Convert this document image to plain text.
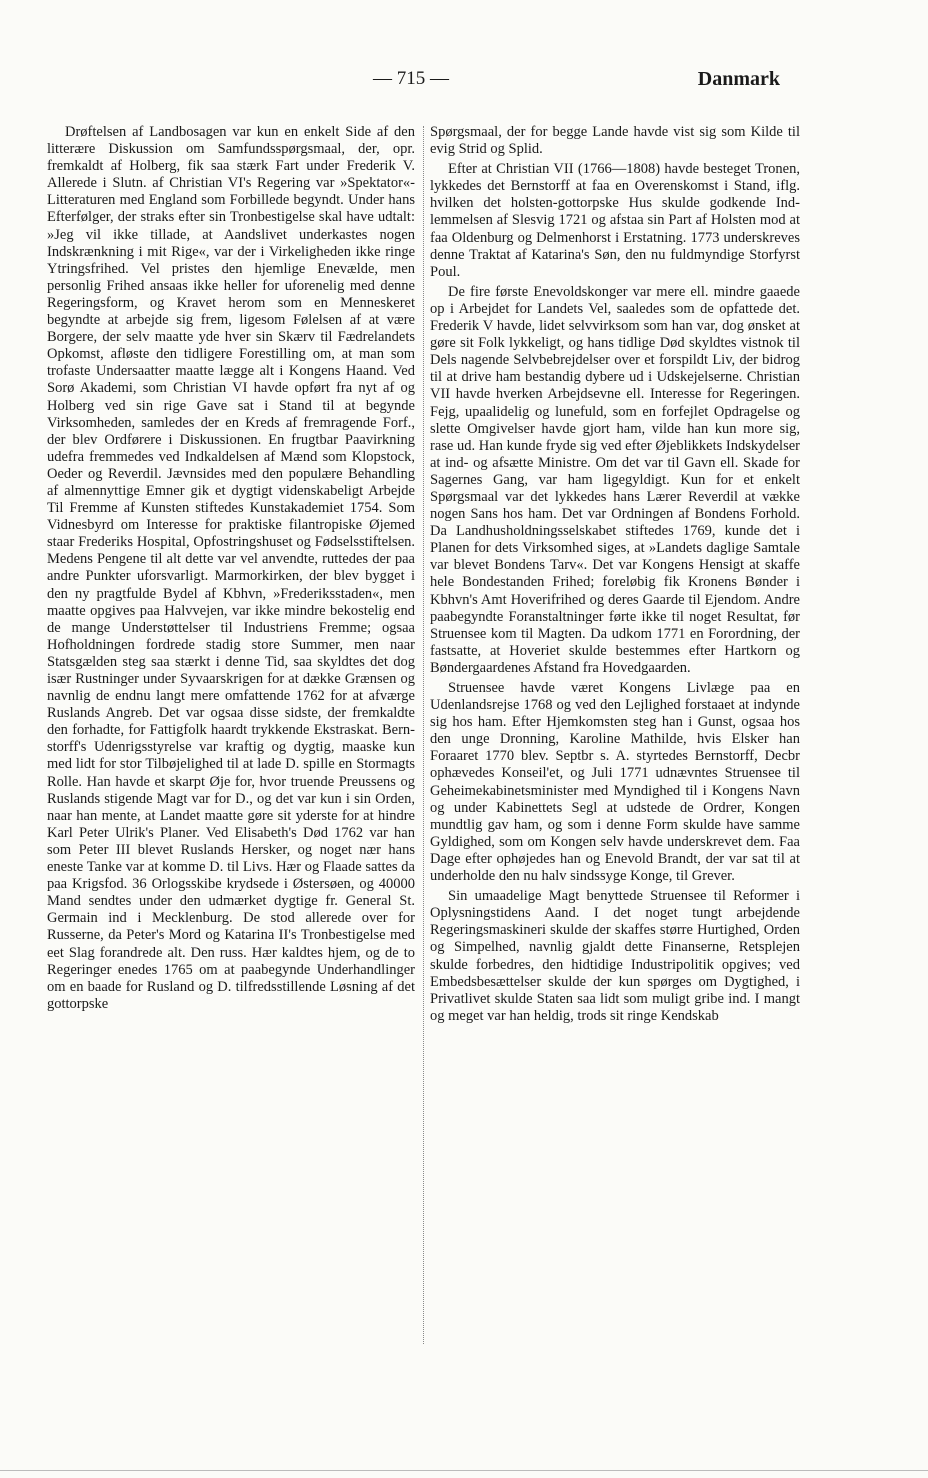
— 715 —	Danmark

Drøftelsen af Landbosagen var kun en enkelt Side af den litterære Diskussion om Samfundsspørgsmaal, der, opr. fremkaldt af Holberg, fik saa stærk Fart under Frederik V. Allerede i Slutn. af Christian VI's Regering var »Spektator«-Litteraturen med England som Forbillede begyndt. Under hans Efterfølger, der straks efter sin Tronbestigelse skal have udtalt: »Jeg vil ikke tillade, at Aandslivet underkastes nogen Indskrænkning i mit Rige«, var der i Virkeligheden ikke ringe Ytringsfrihed. Vel pristes den hjemlige Enevælde, men personlig Frihed ansaas ikke heller for uforenelig med denne Regeringsform, og Kravet herom som en Menneskeret begyndte at arbejde sig frem, ligesom Følelsen af at være Borgere, der selv maatte yde hver sin Skærv til Fædrelandets Opkomst, afløste den tidligere Forestilling om, at man som trofaste Undersaatter maatte lægge alt i Kongens Haand. Ved Sorø Akademi, som Christian VI havde opført fra nyt af og Holberg ved sin rige Gave sat i Stand til at begynde Virksomheden, samledes der en Kreds af fremragende Forf., der blev Ordførere i Diskussionen. En frugtbar Paavirkning udefra fremmedes ved Indkaldelsen af Mænd som Klopstock, Oeder og Reverdil. Jævnsides med den populære Behandling af almennyttige Emner gik et dygtigt videnskabeligt Arbejde Til Fremme af Kunsten stiftedes Kunstakademiet 1754. Som Vidnesbyrd om Interesse for praktiske filantropiske Øjemed staar Frederiks Hospital, Opfostringshuset og Fødselsstiftelsen. Medens Pengene til alt dette var vel anvendte, ruttedes der paa andre Punkter uforsvarligt. Marmorkirken, der blev bygget i den ny pragtfulde Bydel af Kbhvn, »Frederiksstaden«, men maatte opgives paa Halvvejen, var ikke mindre bekostelig end de mange Understøttelser til Industriens Fremme; ogsaa Hofholdningen fordrede stadig store Summer, men naar Statsgælden steg saa stærkt i denne Tid, saa skyldtes det dog især Rustninger under Syvaarskrigen for at dække Grænsen og navnlig de endnu langt mere omfattende 1762 for at afværge Ruslands Angreb. Det var ogsaa disse sidste, der fremkaldte den forhadte, for Fattigfolk haardt trykkende Ekstraskat. Bernstorff's Udenrigsstyrelse var kraftig og dygtig, maaske kun med lidt for stor Tilbøjelighed til at lade D. spille en Stormagts Rolle. Han havde et skarpt Øje for, hvor truende Preussens og Ruslands stigende Magt var for D., og det var kun i sin Orden, naar han mente, at Landet maatte gøre sit yderste for at hindre Karl Peter Ulrik's Planer. Ved Elisabeth's Død 1762 var han som Peter III blevet Ruslands Hersker, og noget nær hans eneste Tanke var at komme D. til Livs. Hær og Flaade sattes da paa Krigsfod. 36 Orlogsskibe krydsede i Østersøen, og 40000 Mand sendtes under den udmærket dygtige fr. General St. Germain ind i Mecklenburg. De stod allerede over for Russerne, da Peter's Mord og Katarina II's Tronbestigelse med eet Slag forandrede alt. Den russ. Hær kaldtes hjem, og de to Regeringer enedes 1765 om at paabegynde Underhandlinger om en baade for Rusland og D. tilfredsstillende Løsning af det gottorpske

Spørgsmaal, der for begge Lande havde vist sig som Kilde til evig Strid og Splid.

Efter at Christian VII (1766—1808) havde besteget Tronen, lykkedes det Bernstorff at faa en Overenskomst i Stand, iflg. hvilken det holsten-gottorpske Hus skulde godkende Indlemmelsen af Slesvig 1721 og afstaa sin Part af Holsten mod at faa Oldenburg og Delmenhorst i Erstatning. 1773 underskreves denne Traktat af Katarina's Søn, den nu fuldmyndige Storfyrst Poul.

De fire første Enevoldskonger var mere ell. mindre gaaede op i Arbejdet for Landets Vel, saaledes som de opfattede det. Frederik V havde, lidet selvvirksom som han var, dog ønsket at gøre sit Folk lykkeligt, og hans tidlige Død skyldtes vistnok til Dels nagende Selvbebrejdelser over et forspildt Liv, der bidrog til at drive ham bestandig dybere ud i Udskejelserne. Christian VII havde hverken Arbejdsevne ell. Interesse for Regeringen. Fejg, upaalidelig og lunefuld, som en forfejlet Opdragelse og slette Omgivelser havde gjort ham, vilde han kun more sig, rase ud. Han kunde fryde sig ved efter Øjeblikkets Indskydelser at ind- og afsætte Ministre. Om det var til Gavn ell. Skade for Sagernes Gang, var ham ligegyldigt. Kun for et enkelt Spørgsmaal var det lykkedes hans Lærer Reverdil at vække nogen Sans hos ham. Det var Ordningen af Bondens Forhold. Da Landhusholdningsselskabet stiftedes 1769, kunde det i Planen for dets Virksomhed siges, at »Landets daglige Samtale var blevet Bondens Tarv«. Det var Kongens Hensigt at skaffe hele Bondestanden Frihed; foreløbig fik Kronens Bønder i Kbhvn's Amt Hoverifrihed og deres Gaarde til Ejendom. Andre paabegyndte Foranstaltninger førte ikke til noget Resultat, før Struensee kom til Magten. Da udkom 1771 en Forordning, der fastsatte, at Hoveriet skulde bestemmes efter Hartkorn og Bøndergaardenes Afstand fra Hovedgaarden.

Struensee havde været Kongens Livlæge paa en Udenlandsrejse 1768 og ved den Lejlighed forstaaet at indynde sig hos ham. Efter Hjemkomsten steg han i Gunst, ogsaa hos den unge Dronning, Karoline Mathilde, hvis Elsker han Foraaret 1770 blev. Septbr s. A. styrtedes Bernstorff, Decbr ophævedes Konseil'et, og Juli 1771 udnævntes Struensee til Geheimekabinetsminister med Myndighed til i Kongens Navn og under Kabinettets Segl at udstede de Ordrer, Kongen mundtlig gav ham, og som i denne Form skulde have samme Gyldighed, som om Kongen selv havde underskrevet dem. Faa Dage efter ophøjedes han og Enevold Brandt, der var sat til at underholde den nu halv sindssyge Konge, til Grever.

Sin umaadelige Magt benyttede Struensee til Reformer i Oplysningstidens Aand. I det noget tungt arbejdende Regeringsmaskineri skulde der skaffes større Hurtighed, Orden og Simpelhed, navnlig gjaldt dette Finanserne, Retsplejen skulde forbedres, den hidtidige Industripolitik opgives; ved Embedsbesættelser skulde der kun spørges om Dygtighed, i Privatlivet skulde Staten saa lidt som muligt gribe ind. I mangt og meget var han heldig, trods sit ringe Kendskab
